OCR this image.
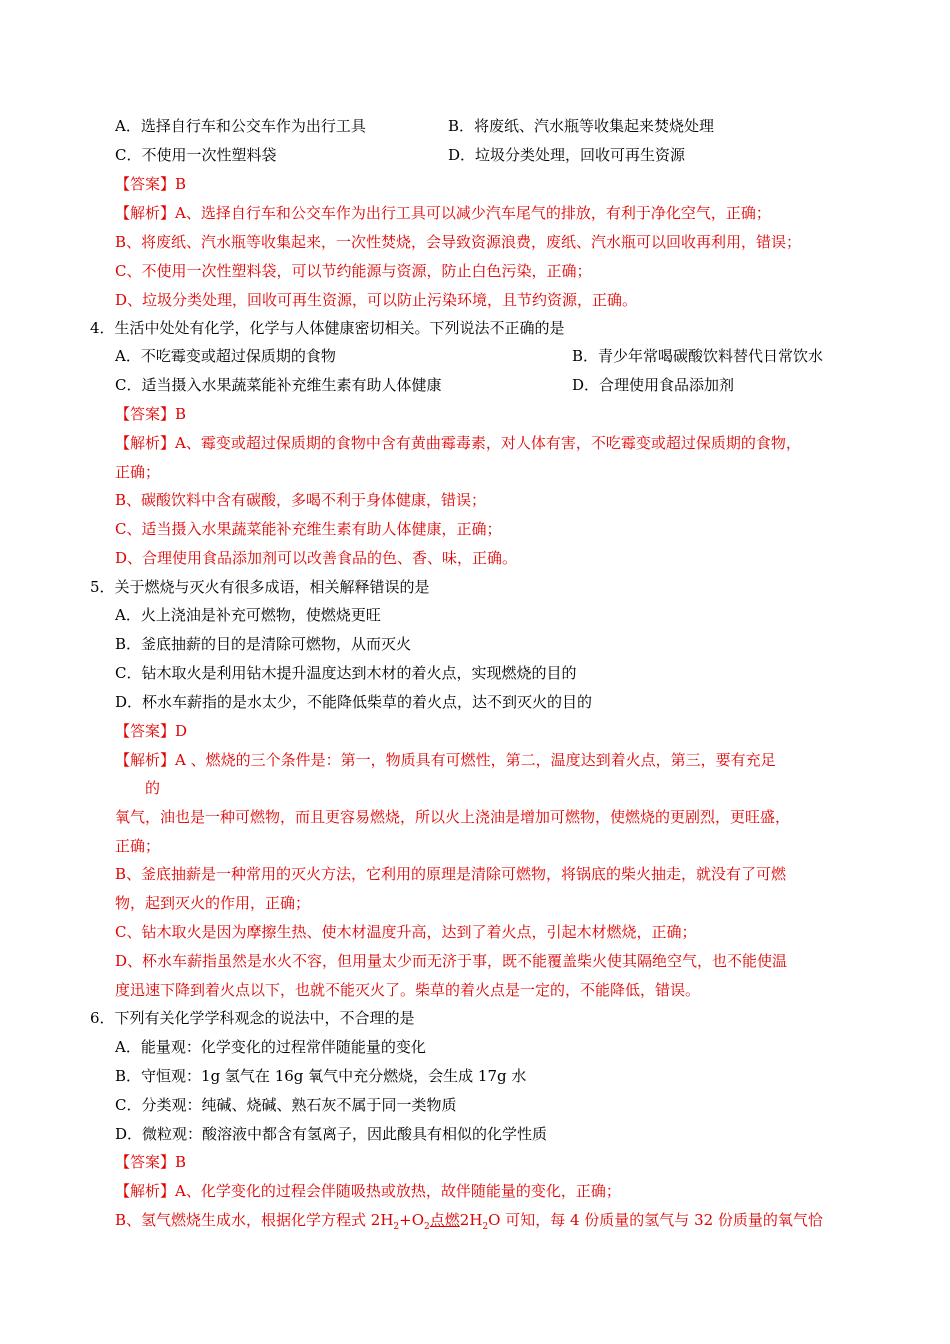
A．选择自行车和公交车作为出行工具	B．将废纸、汽水瓶等收集起来焚烧处理
C．不使用一次性塑料袋	D．垃圾分类处理，回收可再生资源
【答案】B
【解析】A、选择自行车和公交车作为出行工具可以减少汽车尾气的排放，有利于净化空气，正确；
B、将废纸、汽水瓶等收集起来，一次性焚烧，会导致资源浪费，废纸、汽水瓶可以回收再利用，错误；
C、不使用一次性塑料袋，可以节约能源与资源，防止白色污染，正确；
D、垃圾分类处理，回收可再生资源，可以防止污染环境，且节约资源，正确。
4．生活中处处有化学，化学与人体健康密切相关。下列说法不正确的是
A．不吃霉变或超过保质期的食物	B．青少年常喝碳酸饮料替代日常饮水
C．适当摄入水果蔬菜能补充维生素有助人体健康	D．合理使用食品添加剂
【答案】B
【解析】A、霉变或超过保质期的食物中含有黄曲霉毒素，对人体有害，不吃霉变或超过保质期的食物，
正确；
B、碳酸饮料中含有碳酸，多喝不利于身体健康，错误；
C、适当摄入水果蔬菜能补充维生素有助人体健康，正确；
D、合理使用食品添加剂可以改善食品的色、香、味，正确。
5．关于燃烧与灭火有很多成语，相关解释错误的是
A．火上浇油是补充可燃物，使燃烧更旺
B．釜底抽薪的目的是清除可燃物，从而灭火
C．钻木取火是利用钻木提升温度达到木材的着火点，实现燃烧的目的
D．杯水车薪指的是水太少，不能降低柴草的着火点，达不到灭火的目的
【答案】D
【解析】A 、燃烧的三个条件是：第一，物质具有可燃性，第二，温度达到着火点，第三，要有充足
的
氧气，油也是一种可燃物，而且更容易燃烧，所以火上浇油是增加可燃物，使燃烧的更剧烈，更旺盛，
正确；
B、釜底抽薪是一种常用的灭火方法，它利用的原理是清除可燃物，将锅底的柴火抽走，就没有了可燃
物，起到灭火的作用，正确；
C、钻木取火是因为摩擦生热、使木材温度升高，达到了着火点，引起木材燃烧，正确；
D、杯水车薪指虽然是水火不容，但用量太少而无济于事，既不能覆盖柴火使其隔绝空气，也不能使温
度迅速下降到着火点以下，也就不能灭火了。柴草的着火点是一定的，不能降低，错误。
6．下列有关化学学科观念的说法中，不合理的是
A．能量观：化学变化的过程常伴随能量的变化
B．守恒观：1g 氢气在 16g 氧气中充分燃烧，会生成 17g 水
C．分类观：纯碱、烧碱、熟石灰不属于同一类物质
D．微粒观：酸溶液中都含有氢离子，因此酸具有相似的化学性质
【答案】B
【解析】A、化学变化的过程会伴随吸热或放热，故伴随能量的变化，正确；
B、氢气燃烧生成水，根据化学方程式 $2H_2+O_2$点燃$2H_2O$ 可知，每 4 份质量的氢气与 32 份质量的氧气恰
